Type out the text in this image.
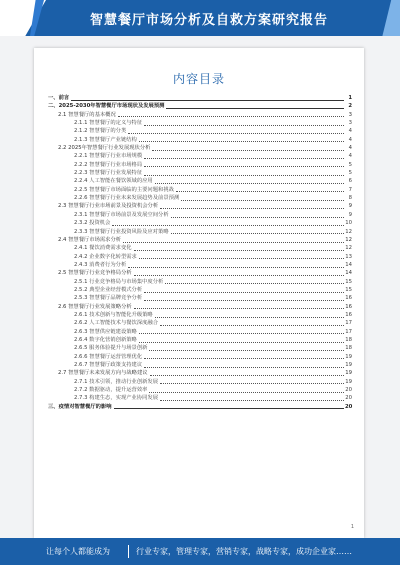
智慧餐厅市场分析及自救方案研究报告
内容目录
一、前言	1
二、2025-2030年智慧餐厅市场现状及发展预测	2
2.1 智慧餐厅的基本概况	3
2.1.1 智慧餐厅的定义与特征	3
2.1.2 智慧餐厅的分类	4
2.1.3 智慧餐厅产业链结构	4
2.2 2025年智慧餐厅行业发展现状分析	4
2.2.1 智慧餐厅行业市场规模	4
2.2.2 智慧餐厅行业市场格局	5
2.2.3 智慧餐厅行业发展特征	5
2.2.4 人工智能在餐饮领域的应用	6
2.2.5 智慧餐厅市场面临的主要问题和挑战	7
2.2.6 智慧餐厅行业未来发展趋势及前景预测	8
2.3 智慧餐厅行业市场前景及投资机会分析	9
2.3.1 智慧餐厅市场前景及发展空间分析	9
2.3.2 投资机会	10
2.3.3 智慧餐厅行业投资风险及应对策略	12
2.4 智慧餐厅市场需求分析	12
2.4.1 餐饮消费需求变化	12
2.4.2 企业数字化转型需求	13
2.4.3 消费者行为分析	14
2.5 智慧餐厅行业竞争格局分析	14
2.5.1 行业竞争格局与市场集中度分析	15
2.5.2 典型企业经营模式分析	15
2.5.3 智慧餐厅品牌竞争分析	16
2.6 智慧餐厅行业发展策略分析	16
2.6.1 技术创新与智能化升级策略	16
2.6.2 人工智能技术与餐饮深度融合	17
2.6.3 智慧供应链建设策略	17
2.6.4 数字化营销创新策略	18
2.6.5 服务体验提升与场景创新	18
2.6.6 智慧餐厅运营管理优化	19
2.6.7 智慧餐厅政策支持建议	19
2.7 智慧餐厅未来发展方向与战略建议	19
2.7.1 技术引领，推动行业创新发展	19
2.7.2 数据驱动，提升运营效率	20
2.7.3 构建生态，实现产业协同发展	20
三、疫情对智慧餐厅的影响	20
1
让每个人都能成为	行业专家，管理专家，营销专家，战略专家，成功企业家……
